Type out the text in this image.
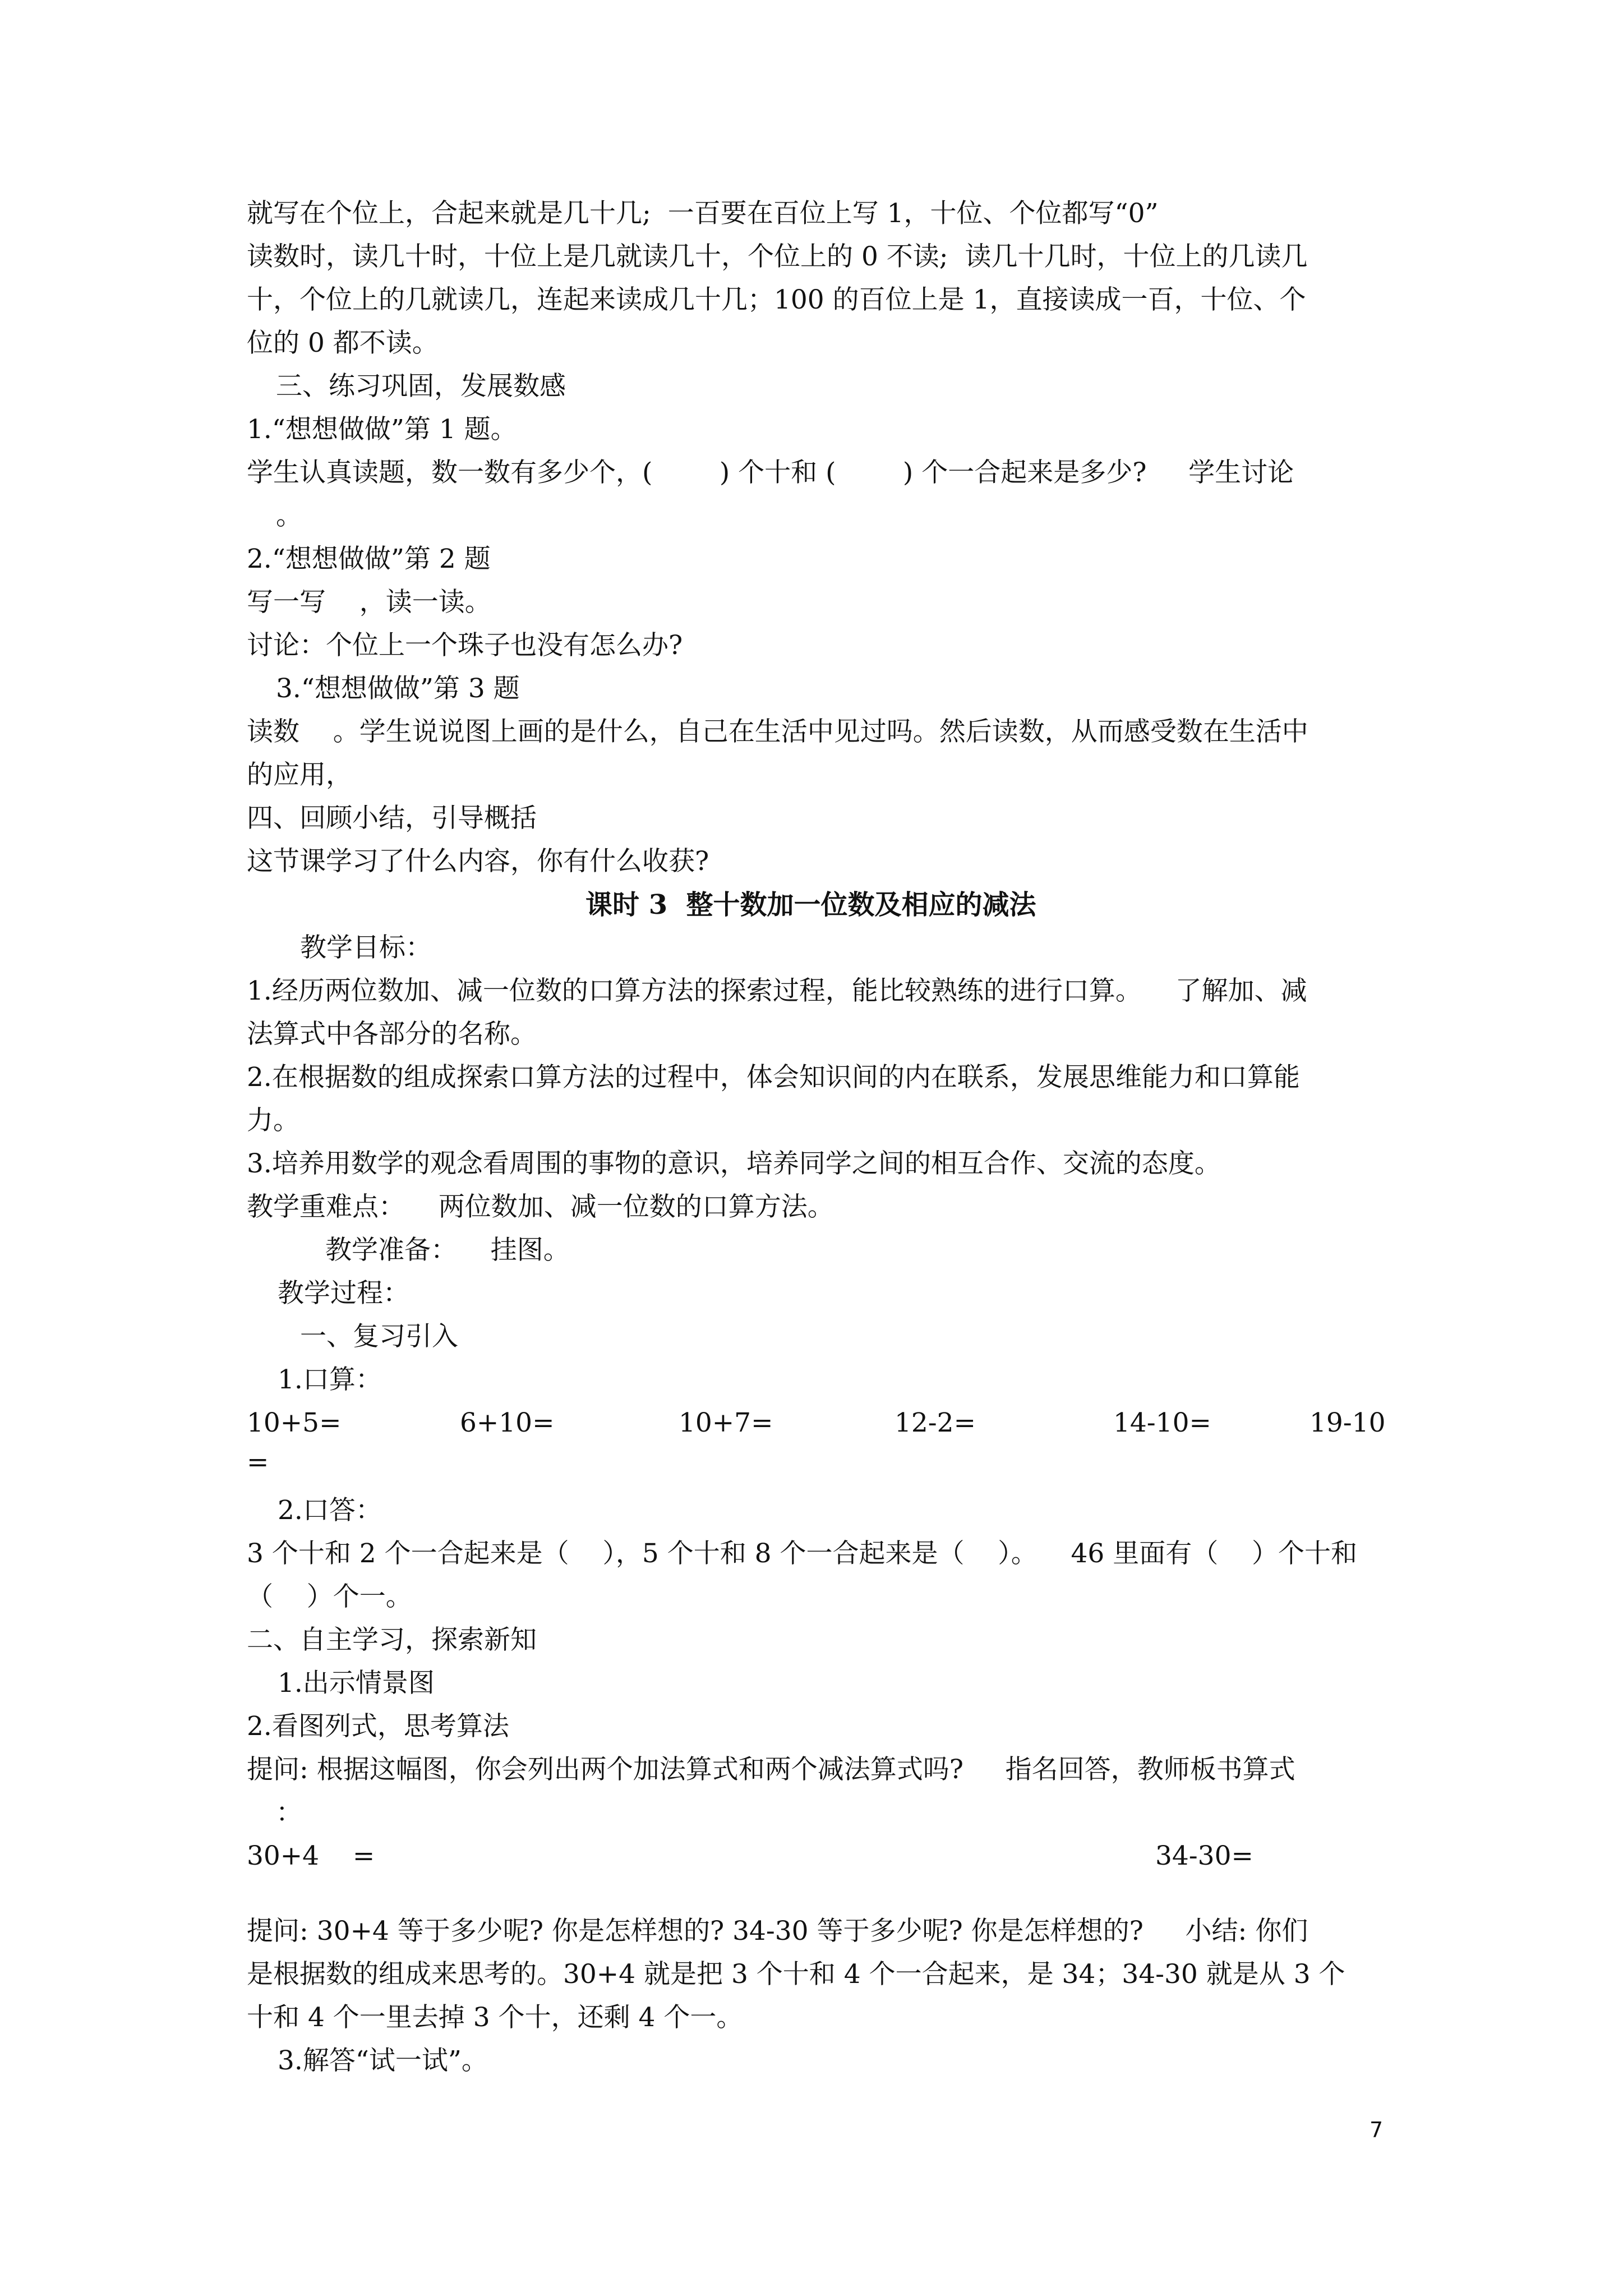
就写在个位上，合起来就是几十几;  一百要在百位上写 1，十位、个位都写“0”

读数时，读几十时，十位上是几就读几十，个位上的 0 不读;  读几十几时，十位上的几读几

十，个位上的几就读几，连起来读成几十几；100 的百位上是 1，直接读成一百，十位、个

位的 0 都不读。

三、练习巩固，发展数感

1.“想想做做”第 1 题。

学生认真读题，数一数有多少个，(        ) 个十和 (        ) 个一合起来是多少?     学生讨论

。

2.“想想做做”第 2 题

写一写    ，读一读。

讨论：个位上一个珠子也没有怎么办?

3.“想想做做”第 3 题

读数    。学生说说图上画的是什么，自己在生活中见过吗。然后读数，从而感受数在生活中

的应用，

四、回顾小结，引导概括

这节课学习了什么内容，你有什么收获?

课时 3  整十数加一位数及相应的减法

教学目标：

1.经历两位数加、减一位数的口算方法的探索过程，能比较熟练的进行口算。    了解加、减

法算式中各部分的名称。

2.在根据数的组成探索口算方法的过程中，体会知识间的内在联系，发展思维能力和口算能

力。

3.培养用数学的观念看周围的事物的意识，培养同学之间的相互合作、交流的态度。

教学重难点：    两位数加、减一位数的口算方法。

教学准备：    挂图。

教学过程：

一、复习引入

1.口算：

10+5=	6+10=	10+7=	12-2=	14-10=	19-10

=

2.口答：

3 个十和 2 个一合起来是（    ），5 个十和 8 个一合起来是（    ）。    46 里面有（    ）个十和

（    ）个一。

二、自主学习，探索新知

1.出示情景图

2.看图列式，思考算法

提问: 根据这幅图，你会列出两个加法算式和两个减法算式吗?     指名回答，教师板书算式

：

30+4    =	34-30=

提问: 30+4 等于多少呢? 你是怎样想的? 34-30 等于多少呢? 你是怎样想的?     小结: 你们

是根据数的组成来思考的。30+4 就是把 3 个十和 4 个一合起来，是 34；34-30 就是从 3 个

十和 4 个一里去掉 3 个十，还剩 4 个一。

3.解答“试一试”。

7
